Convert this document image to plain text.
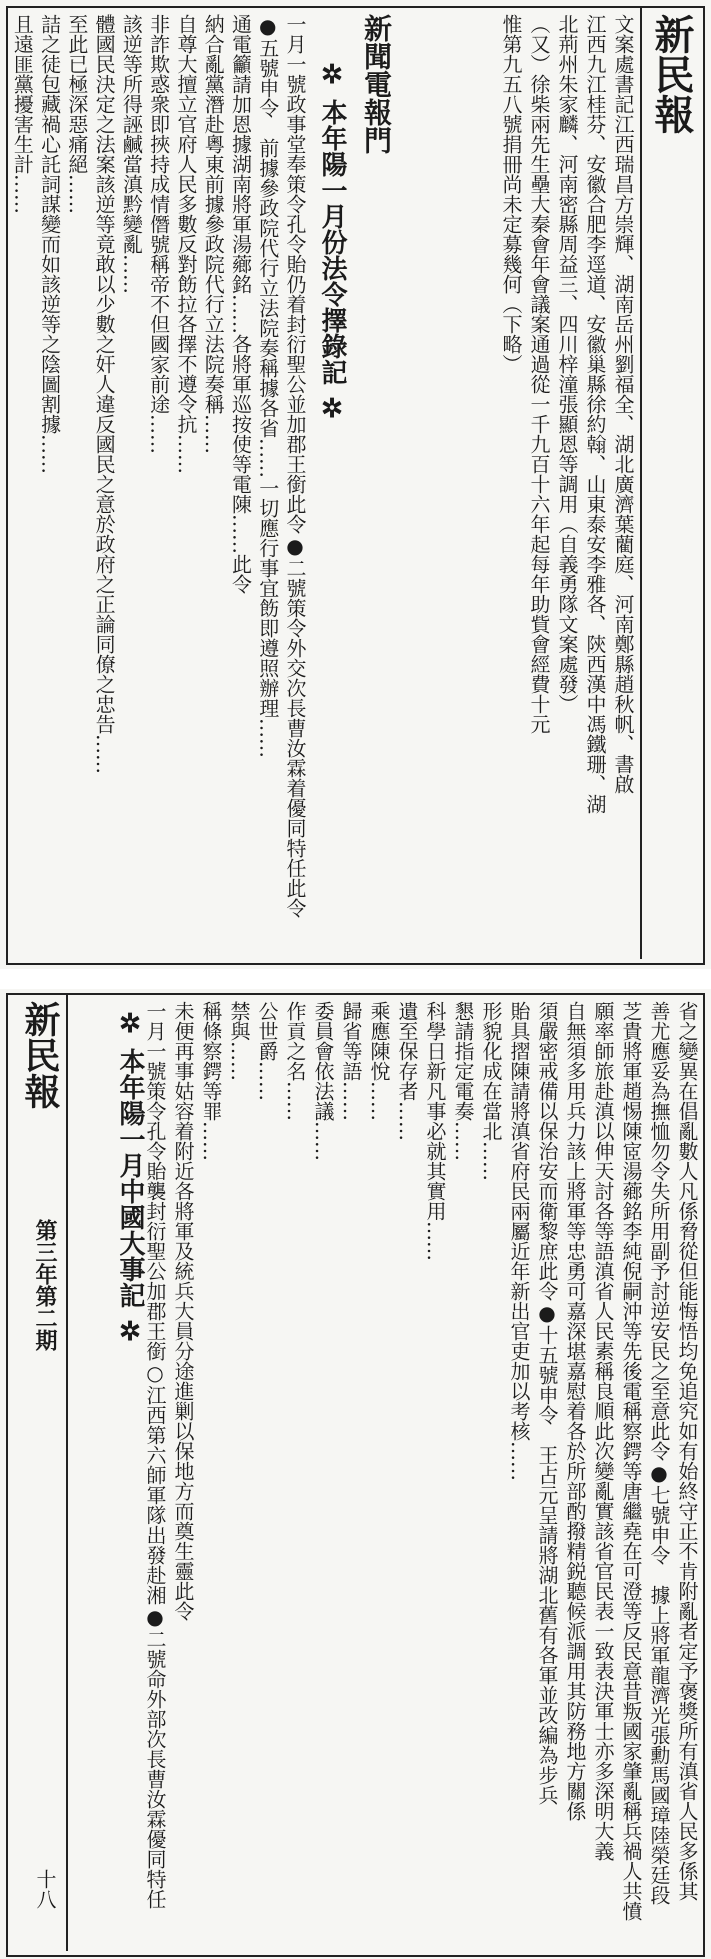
新民報
文案處書記江西瑞昌方崇輝、湖南岳州劉福全、湖北廣濟葉藺庭、河南鄭縣趙秋帆、書啟
江西九江桂芬、安徽合肥李逕道、安徽巢縣徐約翰、山東泰安李雅各、陝西漢中馮鐵珊、湖
北荊州朱家麟、河南密縣周益三、四川梓潼張顯恩等調用（自義勇隊文案處發）
（又）徐柴兩先生壘大秦會年會議案通過從一千九百十六年起每年助貲會經費十元
惟第九五八號捐冊尚未定募幾何（下略）
新聞電報門
✲ 本年陽一月份法令擇錄記 ✲
一月一號政事堂奉策令孔令貽仍着封衍聖公並加郡王銜此令●二號策令外交次長曹汝霖着優同特任此令
●五號申令　前據參政院代行立法院奏稱據各省……一切應行事宜飭即遵照辦理……
通電籲請加恩據湖南將軍湯薌銘……各將軍巡按使等電陳……此令
納合亂黨潛赴粵東前據參政院代行立法院奏稱……
自尊大擅立官府人民多數反對飭拉各擇不遵令抗……
非詐欺惑衆即挾持成情僭號稱帝不但國家前途……
該逆等所得誣鹹當滇黔變亂……
體國民決定之法案該逆等竟敢以少數之奸人違反國民之意於政府之正論同僚之忠告……
至此已極深惡痛絕……
詰之徒包藏禍心託詞謀變而如該逆等之陰圖割據……
且遠匪黨擾害生計……
新民報
第三年第二期
十八
✲ 本年陽一月中國大事記 ✲	省之變異在倡亂數人凡係脅從但能悔悟均免追究如有始終守正不肯附亂者定予褒獎所有滇省人民多係其
善尤應妥為撫恤勿令失所用副予討逆安民之至意此令●七號申令　據上將軍龍濟光張勳馬國璋陸榮廷段
芝貴將軍趙惕陳宧湯薌銘李純倪嗣沖等先後電稱察鍔等唐繼堯在可澄等反民意昔叛國家肇亂稱兵禍人共憤
願率師旅赴滇以伸天討各等語滇省人民素稱良順此次變亂實該省官民表一致表決軍士亦多深明大義
自無須多用兵力該上將軍等忠勇可嘉深堪嘉慰着各於所部酌撥精鋭聽候派調用其防務地方關係
須嚴密戒備以保治安而衛黎庶此令●十五號申令　王占元呈請將湖北舊有各軍並改編為步兵
貽具摺陳請將滇省府民兩屬近年新出官吏加以考核……
形貌化成在當北……
懇請指定電奏……
科學日新凡事必就其實用……
遺至保存者……
乘應陳悅……
歸省等語……
委員會依法議……
作貢之名……
公世爵……
禁與……
稱條察鍔等罪……
未便再事姑容着附近各將軍及統兵大員分途進剿以保地方而奠生靈此令
一月一號策令孔令貽襲封衍聖公加郡王銜○江西第六師軍隊出發赴湘●二號命外部次長曹汝霖優同特任
